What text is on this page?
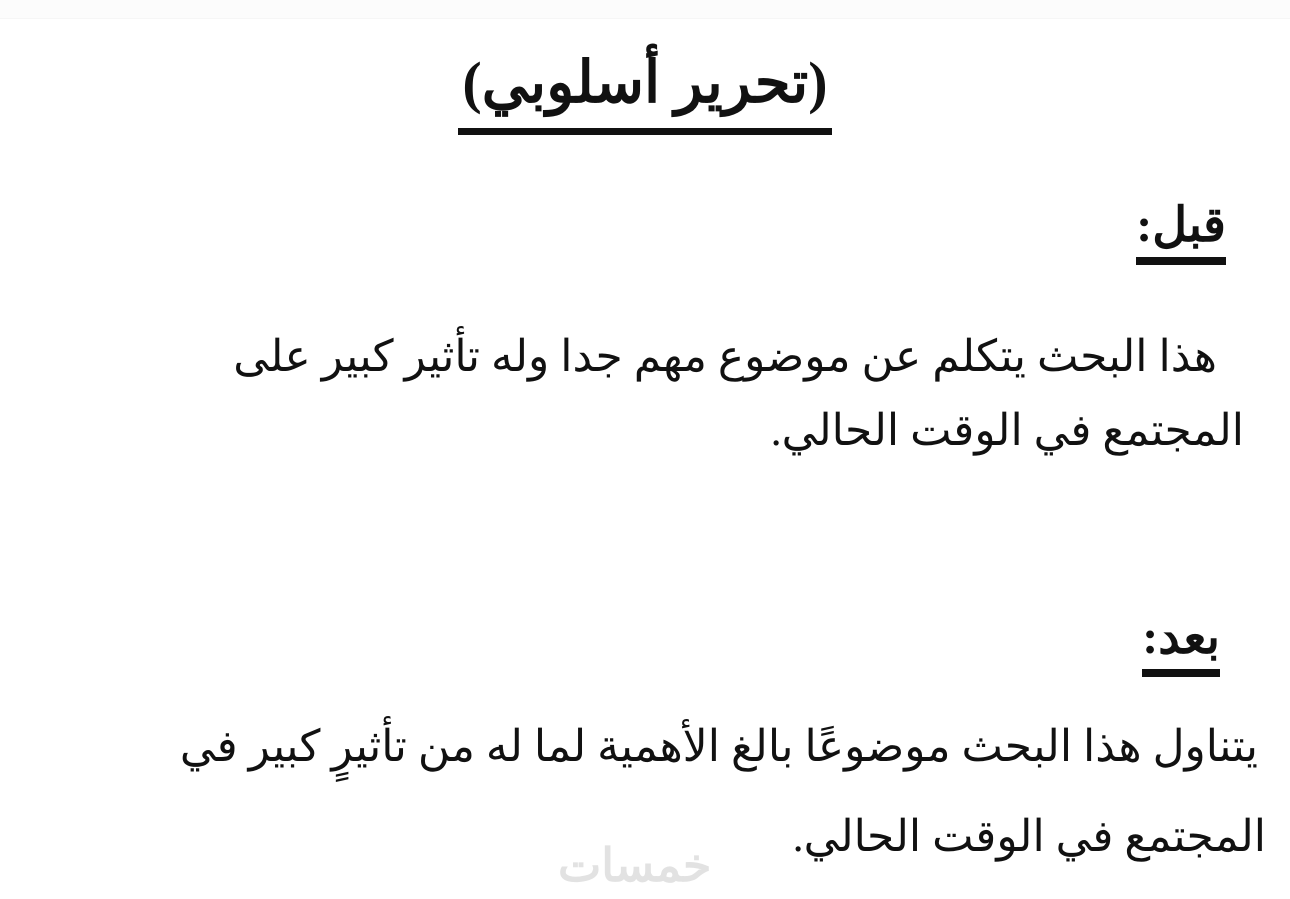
(تحرير أسلوبي)
قبل:
هذا البحث يتكلم عن موضوع مهم جدا وله تأثير كبير على
المجتمع في الوقت الحالي.
بعد:
يتناول هذا البحث موضوعًا بالغ الأهمية لما له من تأثيرٍ كبير في
المجتمع في الوقت الحالي.
خمسات
